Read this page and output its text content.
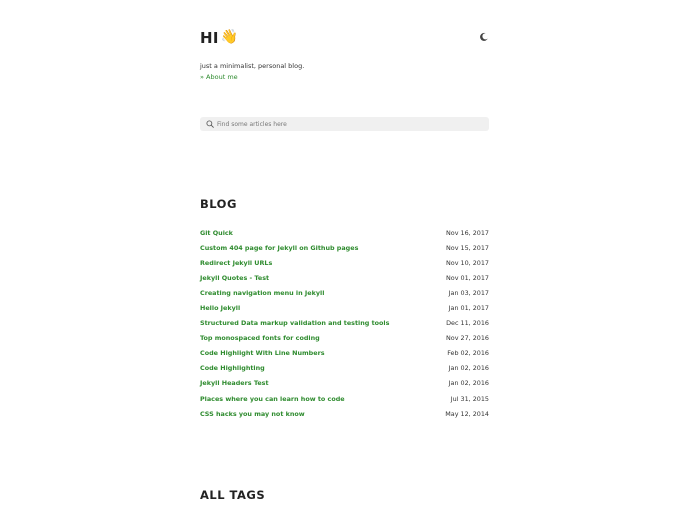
HI 👋
just a minimalist, personal blog.
» About me
Find some articles here
BLOG
Git Quick	Nov 16, 2017
Custom 404 page for Jekyll on Github pages	Nov 15, 2017
Redirect Jekyll URLs	Nov 10, 2017
Jekyll Quotes - Test	Nov 01, 2017
Creating navigation menu in Jekyll	Jan 03, 2017
Hello Jekyll	Jan 01, 2017
Structured Data markup validation and testing tools	Dec 11, 2016
Top monospaced fonts for coding	Nov 27, 2016
Code Highlight With Line Numbers	Feb 02, 2016
Code Highlighting	Jan 02, 2016
Jekyll Headers Test	Jan 02, 2016
Places where you can learn how to code	Jul 31, 2015
CSS hacks you may not know	May 12, 2014
ALL TAGS
